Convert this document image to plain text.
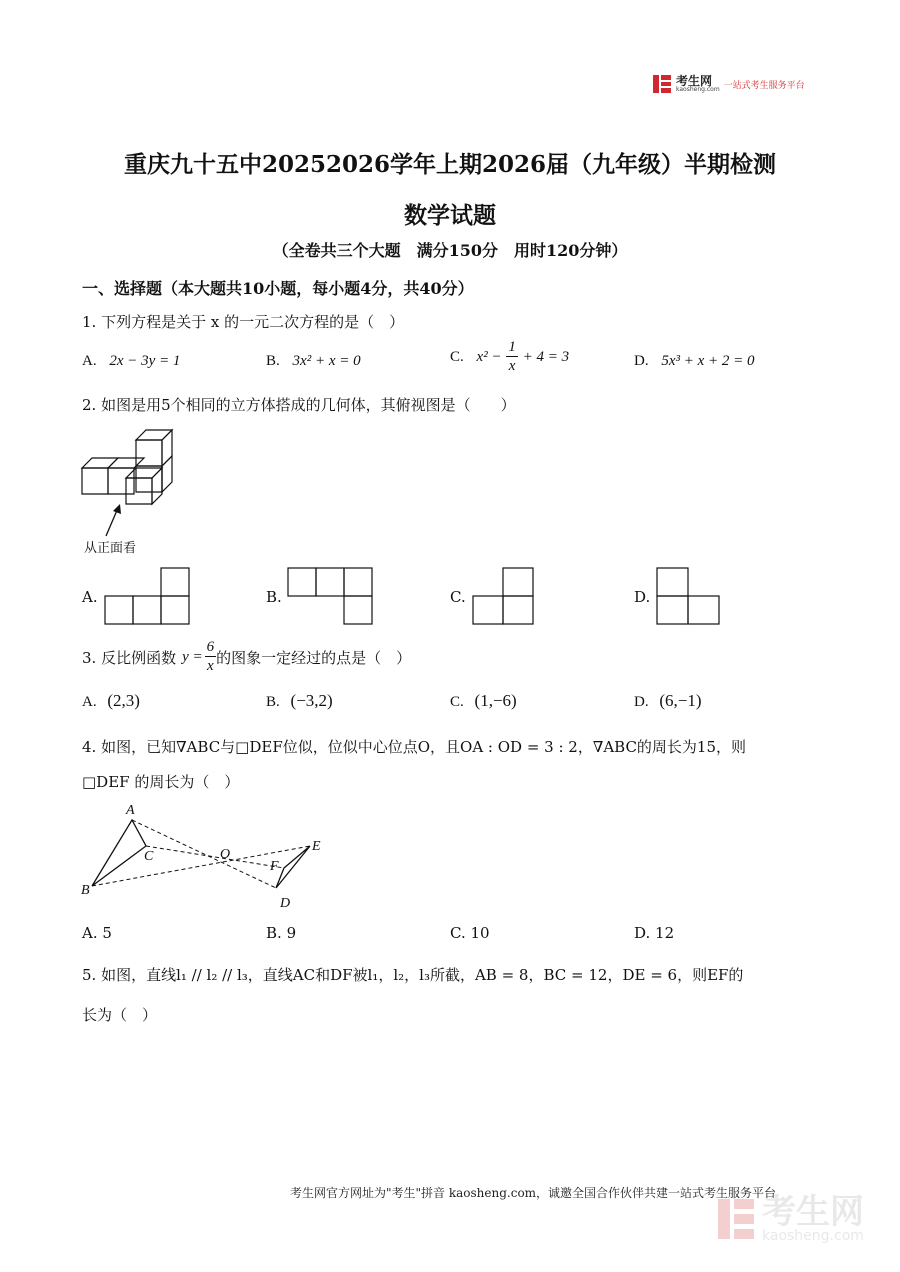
考生网
kaosheng.com 一站式考生服务平台
重庆九十五中20252026学年上期2026届（九年级）半期检测
数学试题
（全卷共三个大题　满分150分　用时120分钟）
一、选择题（本大题共10小题，每小题4分，共40分）
1. 下列方程是关于 x 的一元二次方程的是（　）
A. 2x − 3y = 1	B. 3x² + x = 0	C. $x^2 - \frac{1}{x} + 4 = 3$	D. 5x³ + x + 2 = 0
2. 如图是用5个相同的立方体搭成的几何体，其俯视图是（　　）
从正面看
A.	B.	C.	D.
3. 反比例函数 $y = \frac{6}{x}$ 的图象一定经过的点是（　）
A. (2,3)	B. (−3,2)	C. (1,−6)	D. (6,−1)
4. 如图，已知∇ABC与□DEF位似，位似中心位点O，且OA : OD = 3 : 2，∇ABC的周长为15，则
□DEF 的周长为（　）
A
B
C	O
E
F
D
A. 5	B. 9	C. 10	D. 12
5. 如图，直线l₁ // l₂ // l₃，直线AC和DF被l₁，l₂，l₃所截，AB = 8，BC = 12，DE = 6，则EF的
长为（　）
考生网官方网址为"考生"拼音 kaosheng.com，诚邀全国合作伙伴共建一站式考生服务平台
考生网
kaosheng.com
